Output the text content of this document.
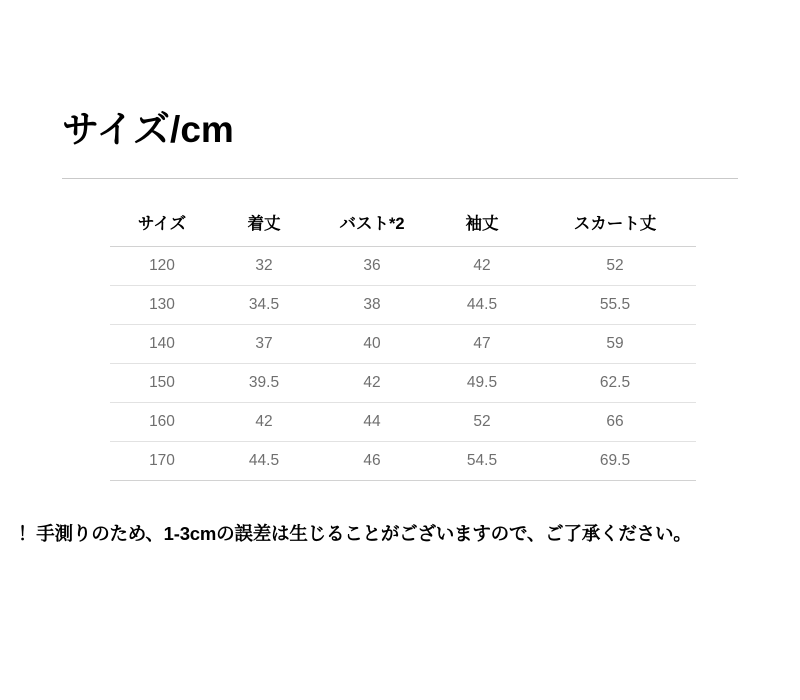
サイズ/cm
サイズ	着丈	バスト*2	袖丈	スカート丈
120	32	36	42	52
130	34.5	38	44.5	55.5
140	37	40	47	59
150	39.5	42	49.5	62.5
160	42	44	52	66
170	44.5	46	54.5	69.5
！手測りのため、1-3cmの誤差は生じることがございますので、ご了承ください。
